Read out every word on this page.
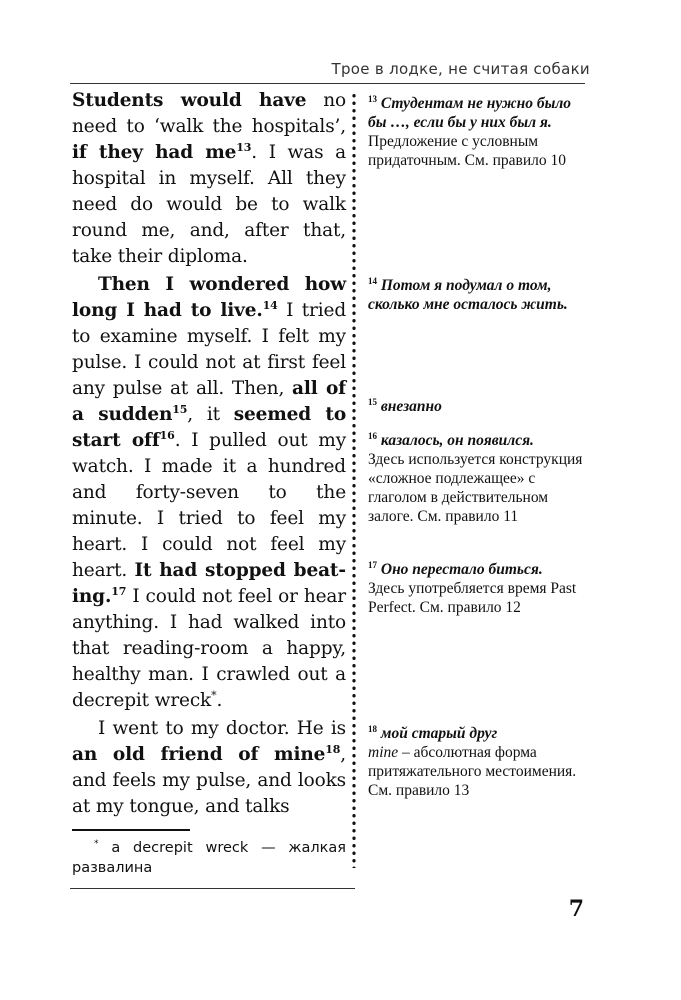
Трое в лодке, не считая собаки

Students would have no need to ‘walk the hospitals’, if they had $me^{13}$. I was a hospital in myself. All they need do would be to walk round me, and, after that, take their diploma.

Then I wondered how long I had to live.$^{14}$ I tried to examine myself. I felt my pulse. I could not at first feel any pulse at all. Then, all of a sudden$^{15}$, it seemed to start off$^{16}$. I pulled out my watch. I made it a hundred and forty-seven to the minute. I tried to feel my heart. I could not feel my heart. It had stopped beating.$^{17}$ I could not feel or hear anything. I had walked into that reading-room a happy, healthy man. I crawled out a decrepit wreck*.

I went to my doctor. He is an old friend of mine$^{18}$, and feels my pulse, and looks at my tongue, and talks

$^{13}$ Студентам не нужно было бы …, если бы у них был я.
Предложение с условным придаточным. См. правило 10
$^{14}$ Потом я подумал о том, сколько мне осталось жить.
$^{15}$ внезапно
$^{16}$ казалось, он появился.
Здесь используется конструкция «сложное подлежащее» с глаголом в действительном залоге. См. правило 11
$^{17}$ Оно перестало биться.
Здесь употребляется время Past Perfect. См. правило 12
$^{18}$ мой старый друг
mine – абсолютная форма притяжательного местоимения. См. правило 13
* a decrepit wreck — жалкая развалина
7
